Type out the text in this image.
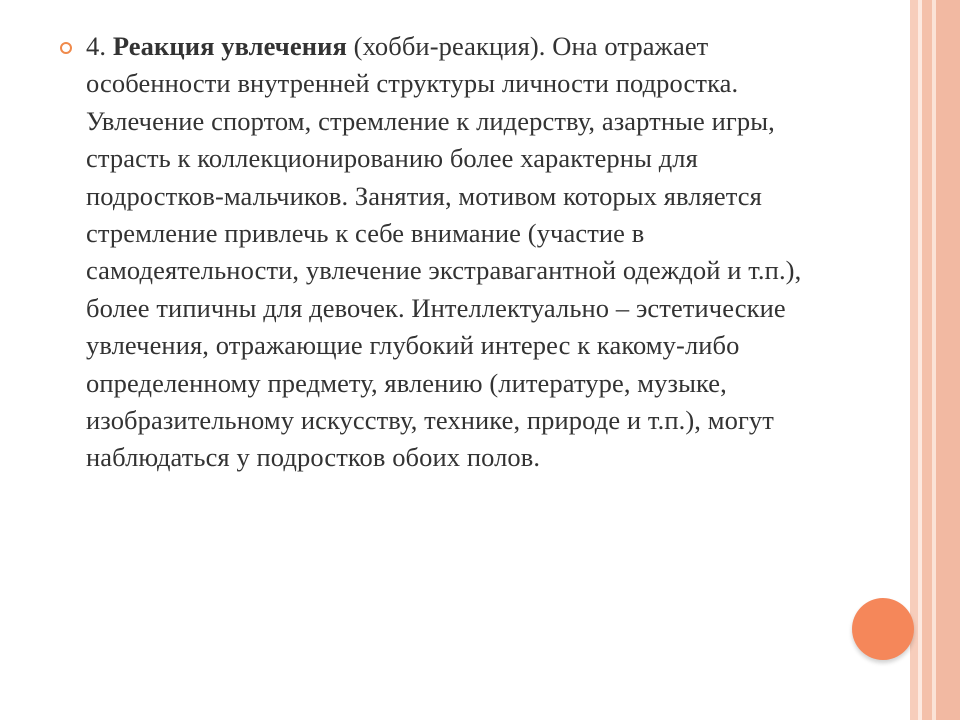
4. Реакция увлечения (хобби-реакция). Она отражает особенности внутренней структуры личности подростка. Увлечение спортом, стремление к лидерству, азартные игры, страсть к коллекционированию более характерны для подростков-мальчиков. Занятия, мотивом которых является стремление привлечь к себе внимание (участие в самодеятельности, увлечение экстравагантной одеждой и т.п.), более типичны для девочек. Интеллектуально – эстетические увлечения, отражающие глубокий интерес к какому-либо определенному предмету, явлению (литературе, музыке, изобразительному искусству, технике, природе и т.п.), могут наблюдаться у подростков обоих полов.
